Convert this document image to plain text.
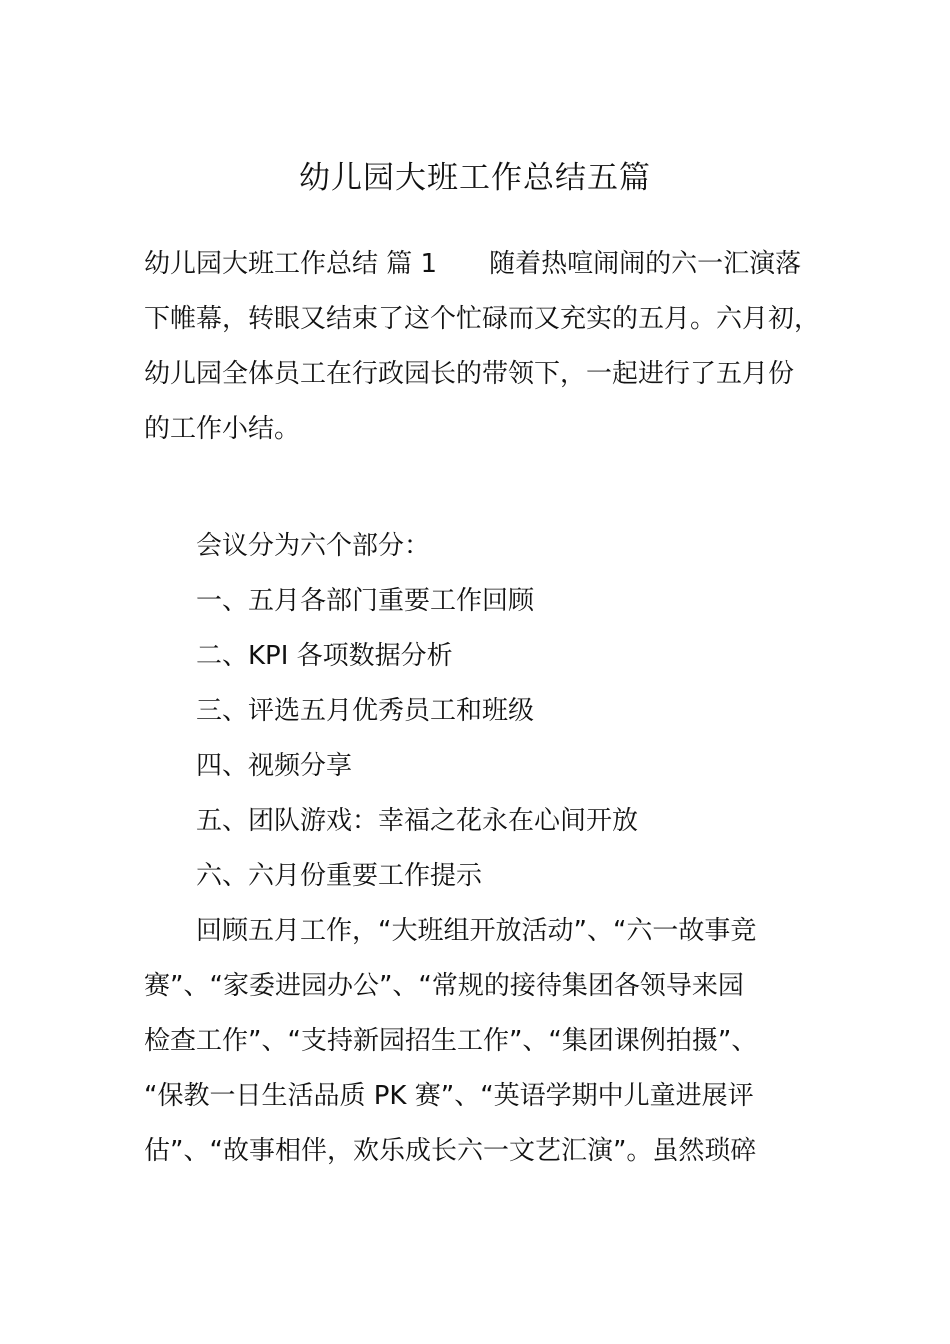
幼儿园大班工作总结五篇
幼儿园大班工作总结 篇 1 随着热喧闹闹的六一汇演落
下帷幕，转眼又结束了这个忙碌而又充实的五月。六月初，
幼儿园全体员工在行政园长的带领下，一起进行了五月份
的工作小结。
会议分为六个部分：
一、五月各部门重要工作回顾
二、KPI 各项数据分析
三、评选五月优秀员工和班级
四、视频分享
五、团队游戏：幸福之花永在心间开放
六、六月份重要工作提示
回顾五月工作，“大班组开放活动”、“六一故事竞
赛”、“家委进园办公”、“常规的接待集团各领导来园
检查工作”、“支持新园招生工作”、“集团课例拍摄”、
“保教一日生活品质 PK 赛”、“英语学期中儿童进展评
估”、“故事相伴，欢乐成长六一文艺汇演”。虽然琐碎
